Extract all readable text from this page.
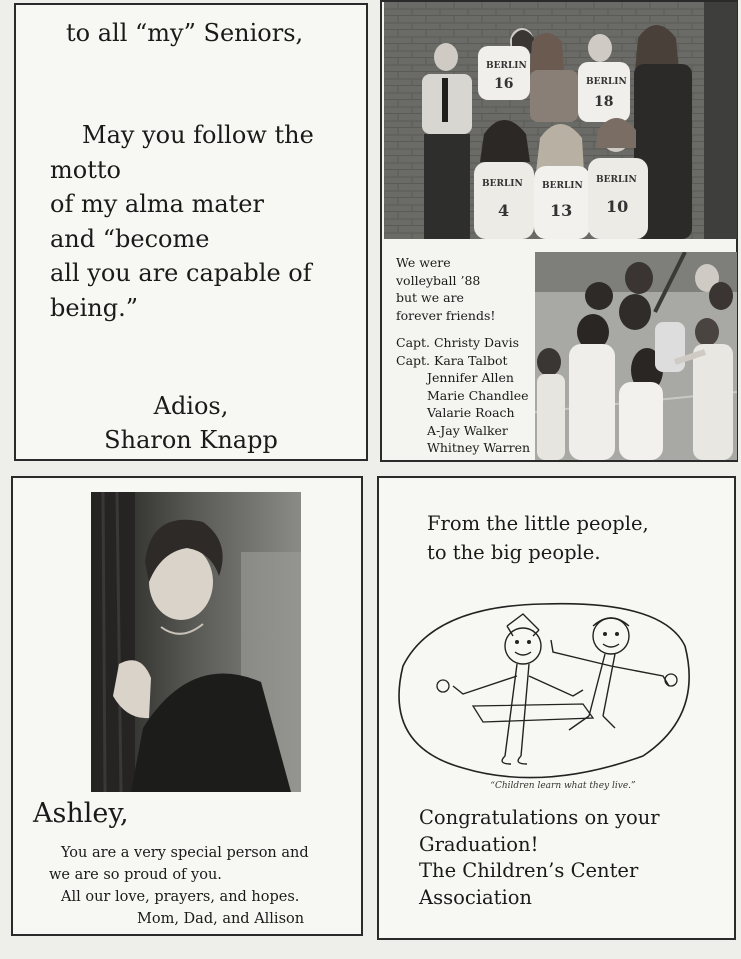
to all “my” Seniors,
May you follow the
motto
of my alma mater
and “become
all you are capable of
being.”
Adios,
Sharon Knapp
BERLIN
16	BERLIN
18
BERLIN
4
BERLIN
13
BERLIN
10
We were
volleyball ’88
but we are
forever friends!
Capt. Christy Davis
Capt. Kara Talbot
Jennifer Allen
Marie Chandlee
Valarie Roach
A-Jay Walker
Whitney Warren
Ashley,
You are a very special person and
we are so proud of you.
All our love, prayers, and hopes.
Mom, Dad, and Allison
From the little people,
to the big people.
“Children learn what they live.”
Congratulations on your
Graduation!
The Children’s Center
Association
